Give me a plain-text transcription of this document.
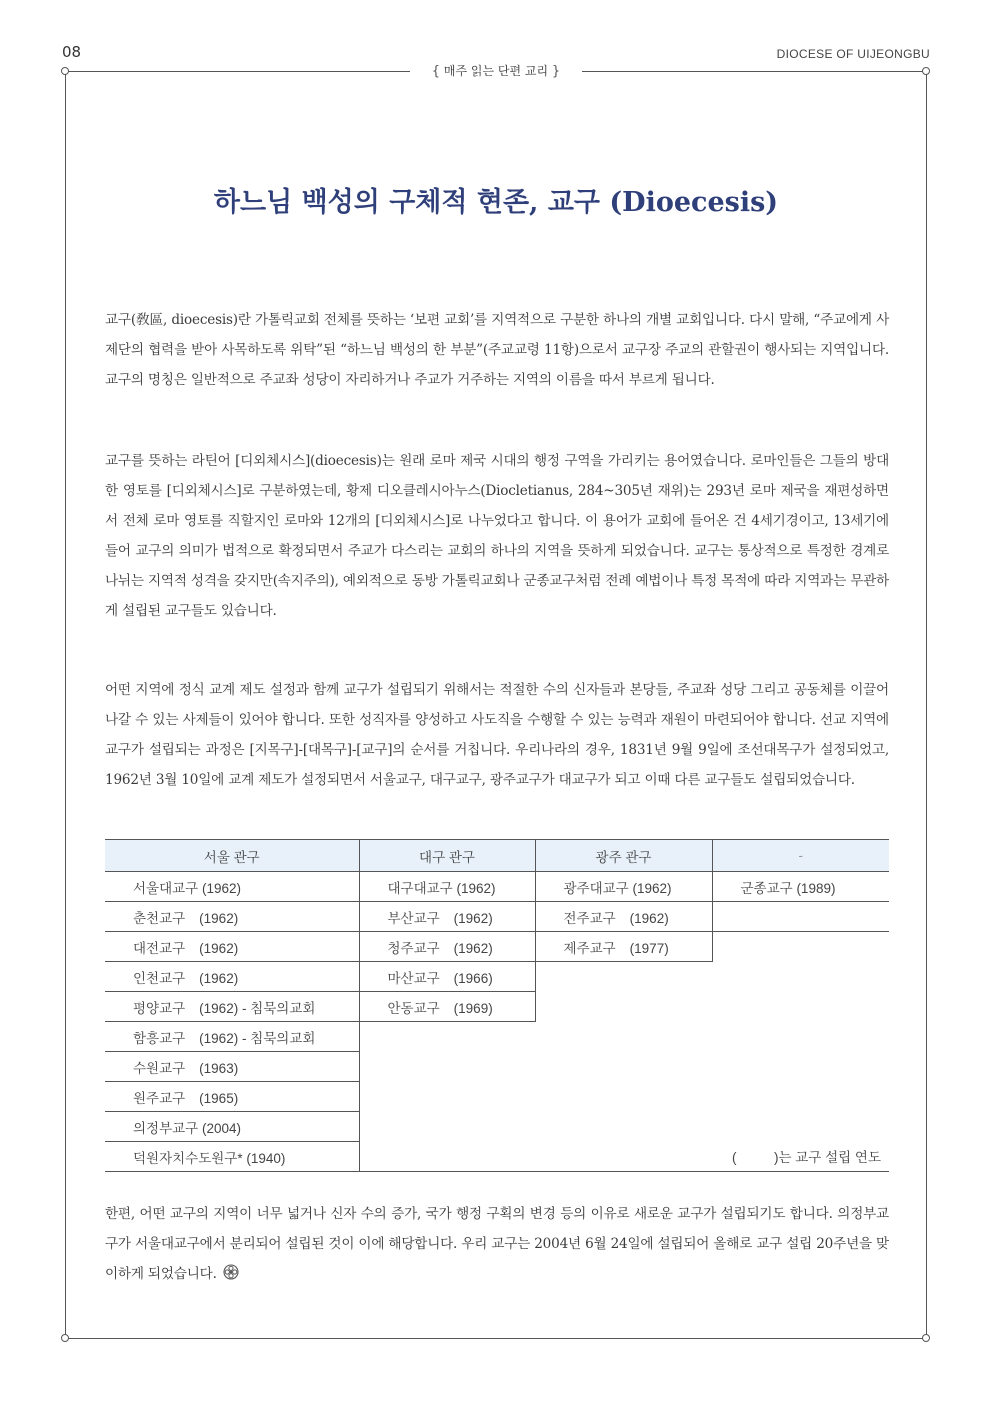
08	DIOCESE OF UIJEONGBU
{ 매주 읽는 단편 교리 }
하느님 백성의 구체적 현존, 교구 (Dioecesis)

교구(敎區, dioecesis)란 가톨릭교회 전체를 뜻하는 ‘보편 교회’를 지역적으로 구분한 하나의 개별 교회입니다. 다시 말해, “주교에게 사제단의 협력을 받아 사목하도록 위탁”된 “하느님 백성의 한 부분”(주교교령 11항)으로서 교구장 주교의 관할권이 행사되는 지역입니다. 교구의 명칭은 일반적으로 주교좌 성당이 자리하거나 주교가 거주하는 지역의 이름을 따서 부르게 됩니다.

교구를 뜻하는 라틴어 [디외체시스](dioecesis)는 원래 로마 제국 시대의 행정 구역을 가리키는 용어였습니다. 로마인들은 그들의 방대한 영토를 [디외체시스]로 구분하였는데, 황제 디오클레시아누스(Diocletianus, 284~305년 재위)는 293년 로마 제국을 재편성하면서 전체 로마 영토를 직할지인 로마와 12개의 [디외체시스]로 나누었다고 합니다. 이 용어가 교회에 들어온 건 4세기경이고, 13세기에 들어 교구의 의미가 법적으로 확정되면서 주교가 다스리는 교회의 하나의 지역을 뜻하게 되었습니다. 교구는 통상적으로 특정한 경계로 나뉘는 지역적 성격을 갖지만(속지주의), 예외적으로 동방 가톨릭교회나 군종교구처럼 전례 예법이나 특정 목적에 따라 지역과는 무관하게 설립된 교구들도 있습니다.

어떤 지역에 정식 교계 제도 설정과 함께 교구가 설립되기 위해서는 적절한 수의 신자들과 본당들, 주교좌 성당 그리고 공동체를 이끌어 나갈 수 있는 사제들이 있어야 합니다. 또한 성직자를 양성하고 사도직을 수행할 수 있는 능력과 재원이 마련되어야 합니다. 선교 지역에 교구가 설립되는 과정은 [지목구]-[대목구]-[교구]의 순서를 거칩니다. 우리나라의 경우, 1831년 9월 9일에 조선대목구가 설정되었고, 1962년 3월 10일에 교계 제도가 설정되면서 서울교구, 대구교구, 광주교구가 대교구가 되고 이때 다른 교구들도 설립되었습니다.

한편, 어떤 교구의 지역이 너무 넓거나 신자 수의 증가, 국가 행정 구획의 변경 등의 이유로 새로운 교구가 설립되기도 합니다. 의정부교구가 서울대교구에서 분리되어 설립된 것이 이에 해당합니다. 우리 교구는 2004년 6월 24일에 설립되어 올해로 교구 설립 20주년을 맞이하게 되었습니다.

서울 관구	대구 관구	광주 관구	-
서울대교구 (1962)	대구대교구 (1962)	광주대교구 (1962)	군종교구 (1989)
춘천교구 (1962)	부산교구 (1962)	전주교구 (1962)	
대전교구 (1962)	청주교구 (1962)	제주교구 (1977)	
인천교구 (1962)	마산교구 (1966)		
평양교구 (1962) - 침묵의교회	안동교구 (1969)		
함흥교구 (1962) - 침묵의교회			
수원교구 (1963)			
원주교구 (1965)			
의정부교구 (2004)			
덕원자치수도원구* (1940)			(          )는 교구 설립 연도
